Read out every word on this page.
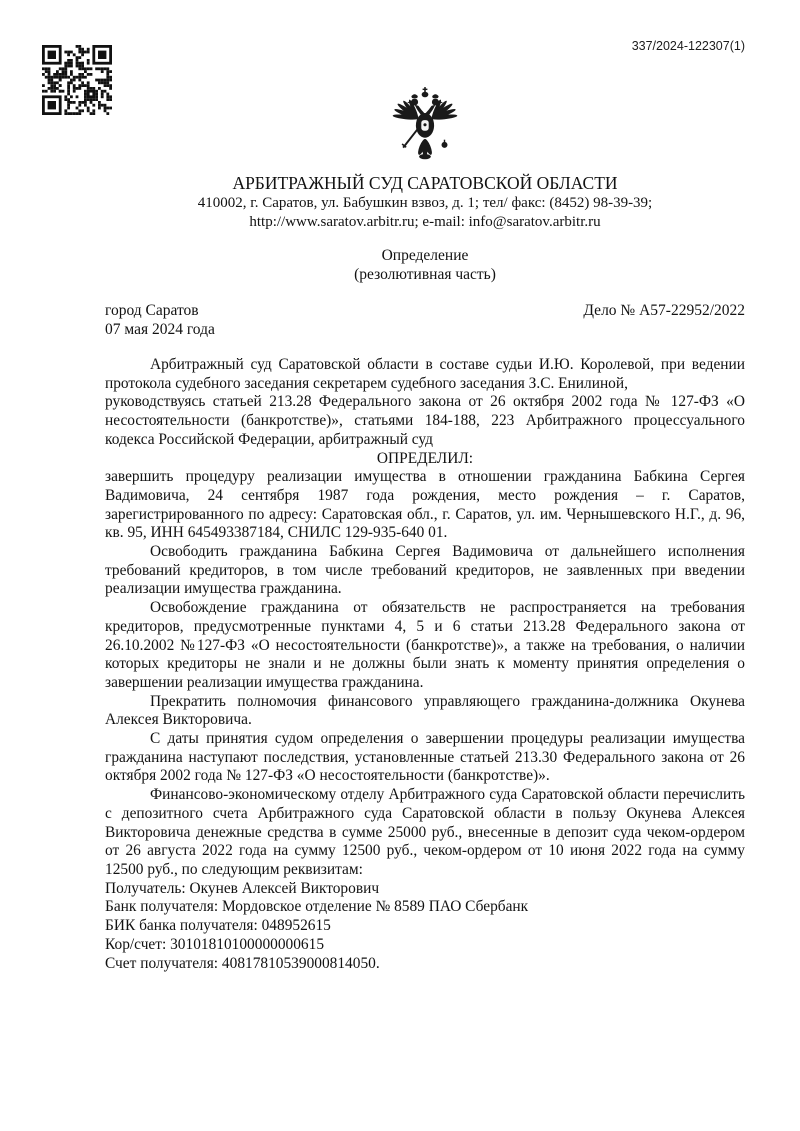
337/2024-122307(1)
АРБИТРАЖНЫЙ СУД САРАТОВСКОЙ ОБЛАСТИ
410002, г. Саратов, ул. Бабушкин взвоз, д. 1; тел/ факс: (8452) 98-39-39;
http://www.saratov.arbitr.ru; e-mail: info@saratov.arbitr.ru
Определение
(резолютивная часть)
город Саратов
07 мая 2024 года
Дело № А57-22952/2022

Арбитражный суд Саратовской области в составе судьи И.Ю. Королевой, при ведении протокола судебного заседания секретарем судебного заседания З.С. Енилиной,

руководствуясь статьей 213.28 Федерального закона от 26 октября 2002 года № 127-ФЗ «О несостоятельности (банкротстве)», статьями 184-188, 223 Арбитражного процессуального кодекса Российской Федерации, арбитражный суд

ОПРЕДЕЛИЛ:

завершить процедуру реализации имущества в отношении гражданина Бабкина Сергея Вадимовича, 24 сентября 1987 года рождения, место рождения – г. Саратов, зарегистрированного по адресу: Саратовская обл., г. Саратов, ул. им. Чернышевского Н.Г., д. 96, кв. 95, ИНН 645493387184, СНИЛС 129-935-640 01.

Освободить гражданина Бабкина Сергея Вадимовича от дальнейшего исполнения требований кредиторов, в том числе требований кредиторов, не заявленных при введении реализации имущества гражданина.

Освобождение гражданина от обязательств не распространяется на требования кредиторов, предусмотренные пунктами 4, 5 и 6 статьи 213.28 Федерального закона от 26.10.2002 №127-ФЗ «О несостоятельности (банкротстве)», а также на требования, о наличии которых кредиторы не знали и не должны были знать к моменту принятия определения о завершении реализации имущества гражданина.

Прекратить полномочия финансового управляющего гражданина-должника Окунева Алексея Викторовича.

С даты принятия судом определения о завершении процедуры реализации имущества гражданина наступают последствия, установленные статьей 213.30 Федерального закона от 26 октября 2002 года № 127-ФЗ «О несостоятельности (банкротстве)».

Финансово-экономическому отделу Арбитражного суда Саратовской области перечислить с депозитного счета Арбитражного суда Саратовской области в пользу Окунева Алексея Викторовича денежные средства в сумме 25000 руб., внесенные в депозит суда чеком-ордером от 26 августа 2022 года на сумму 12500 руб., чеком-ордером от 10 июня 2022 года на сумму 12500 руб., по следующим реквизитам:

Получатель: Окунев Алексей Викторович

Банк получателя: Мордовское отделение № 8589 ПАО Сбербанк

БИК банка получателя: 048952615

Кор/счет: 30101810100000000615

Счет получателя: 40817810539000814050.
